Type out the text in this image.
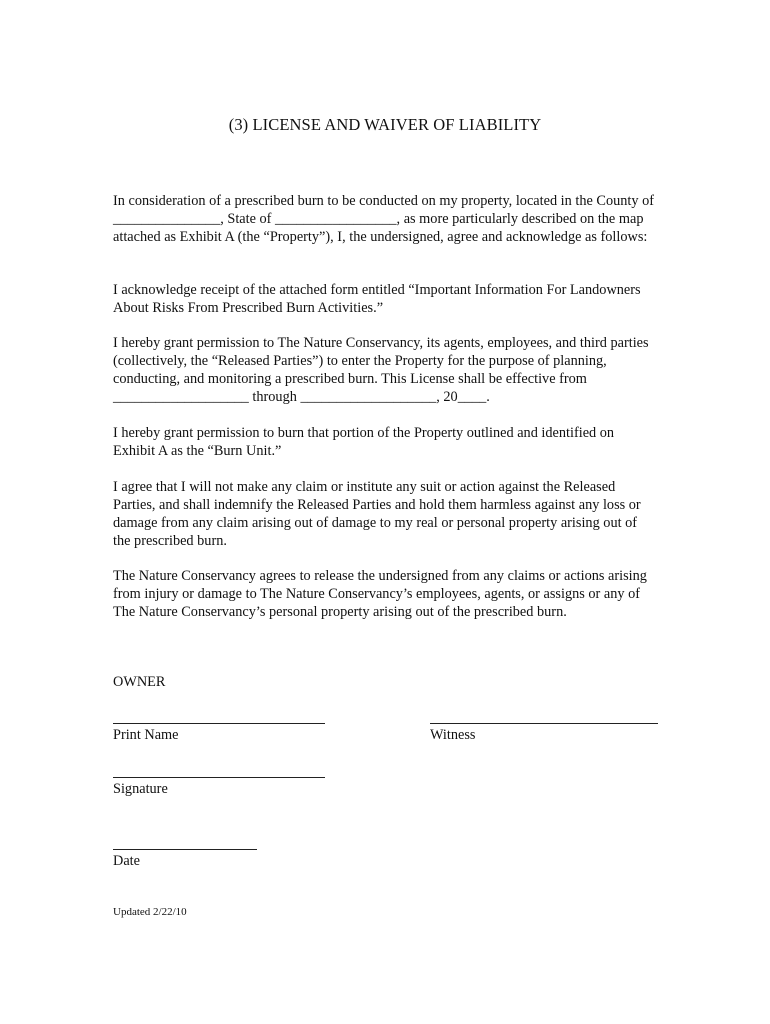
(3) LICENSE AND WAIVER OF LIABILITY

In consideration of a prescribed burn to be conducted on my property, located in the County of _______________, State of _________________, as more particularly described on the map attached as Exhibit A (the “Property”), I, the undersigned, agree and acknowledge as follows:

I acknowledge receipt of the attached form entitled “Important Information For Landowners About Risks From Prescribed Burn Activities.”

I hereby grant permission to The Nature Conservancy, its agents, employees, and third parties (collectively, the “Released Parties”) to enter the Property for the purpose of planning, conducting, and monitoring a prescribed burn. This License shall be effective from ___________________ through ___________________, 20____.

I hereby grant permission to burn that portion of the Property outlined and identified on Exhibit A as the “Burn Unit.”

I agree that I will not make any claim or institute any suit or action against the Released Parties, and shall indemnify the Released Parties and hold them harmless against any loss or damage from any claim arising out of damage to my real or personal property arising out of the prescribed burn.

The Nature Conservancy agrees to release the undersigned from any claims or actions arising from injury or damage to The Nature Conservancy’s employees, agents, or assigns or any of The Nature Conservancy’s personal property arising out of the prescribed burn.

OWNER
Print Name	Witness
Signature
Date
Updated 2/22/10
